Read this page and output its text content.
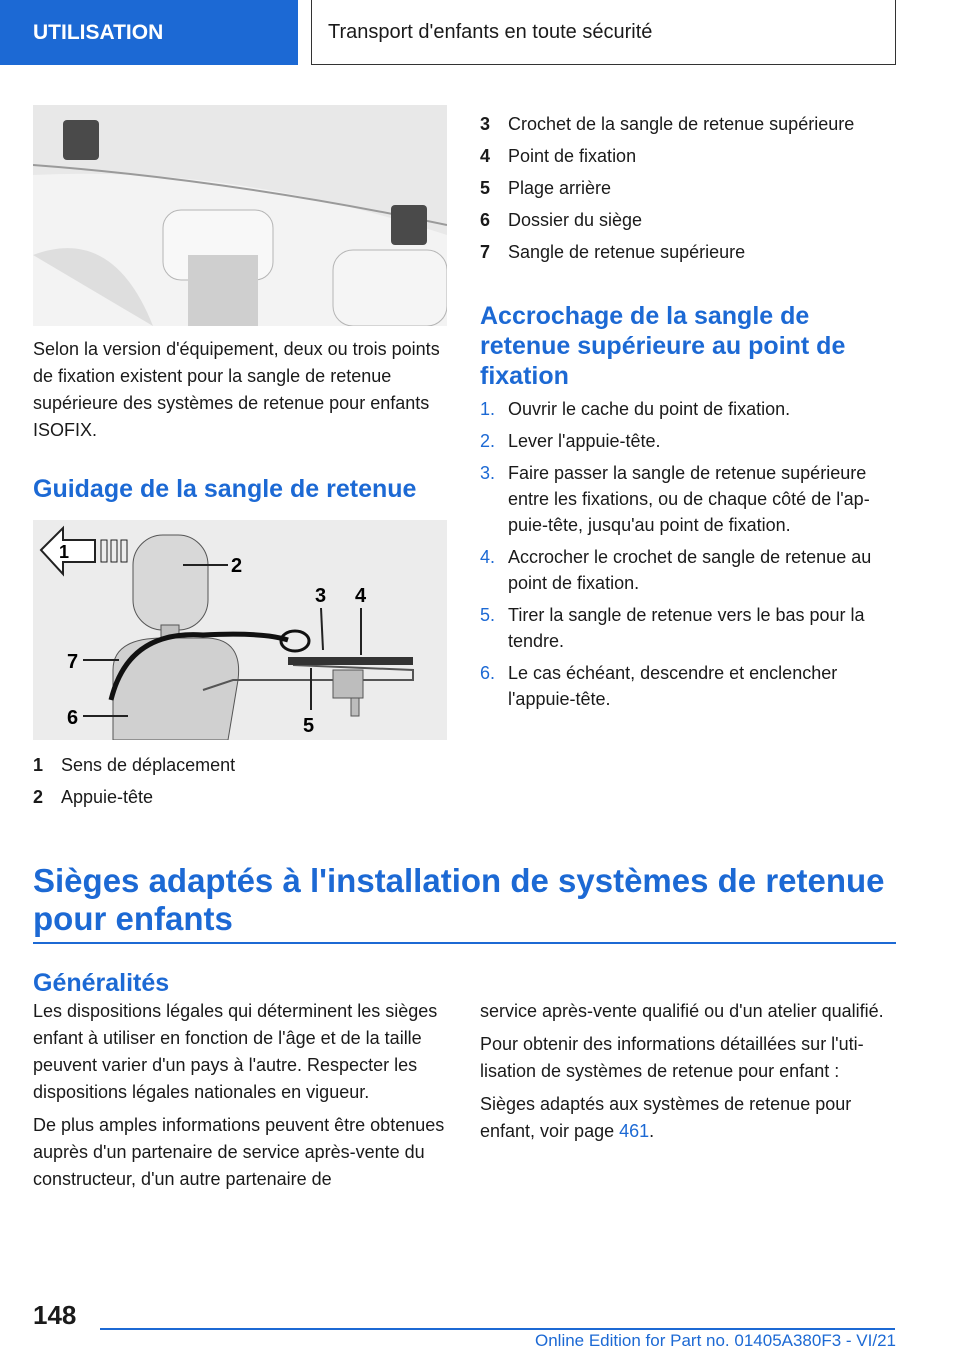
UTILISATION	Transport d'enfants en toute sécurité

Selon la version d'équipement, deux ou trois points de fixation existent pour la sangle de retenue supérieure des systèmes de retenue pour enfants ISOFIX.

Guidage de la sangle de retenue
1
2
3 4
5
6
7
1 Sens de déplacement
2 Appuie-tête
3 Crochet de la sangle de retenue supérieure
4 Point de fixation
5 Plage arrière
6 Dossier du siège
7 Sangle de retenue supérieure
Accrochage de la sangle de retenue supérieure au point de fixation
1. Ouvrir le cache du point de fixation.
2. Lever l'appuie-tête.
3. Faire passer la sangle de retenue supérieure entre les fixations, ou de chaque côté de l'appuie-tête, jusqu'au point de fixation.
4. Accrocher le crochet de sangle de retenue au point de fixation.
5. Tirer la sangle de retenue vers le bas pour la tendre.
6. Le cas échéant, descendre et enclencher l'appuie-tête.
Sièges adaptés à l'installation de systèmes de retenue pour enfants
Généralités

Les dispositions légales qui déterminent les sièges enfant à utiliser en fonction de l'âge et de la taille peuvent varier d'un pays à l'autre. Respecter les dispositions légales nationales en vigueur.

De plus amples informations peuvent être obtenues auprès d'un partenaire de service après-vente du constructeur, d'un autre partenaire de

service après-vente qualifié ou d'un atelier qualifié.

Pour obtenir des informations détaillées sur l'utilisation de systèmes de retenue pour enfant :

Sièges adaptés aux systèmes de retenue pour enfant, voir page 461.

148
Online Edition for Part no. 01405A380F3 - VI/21
